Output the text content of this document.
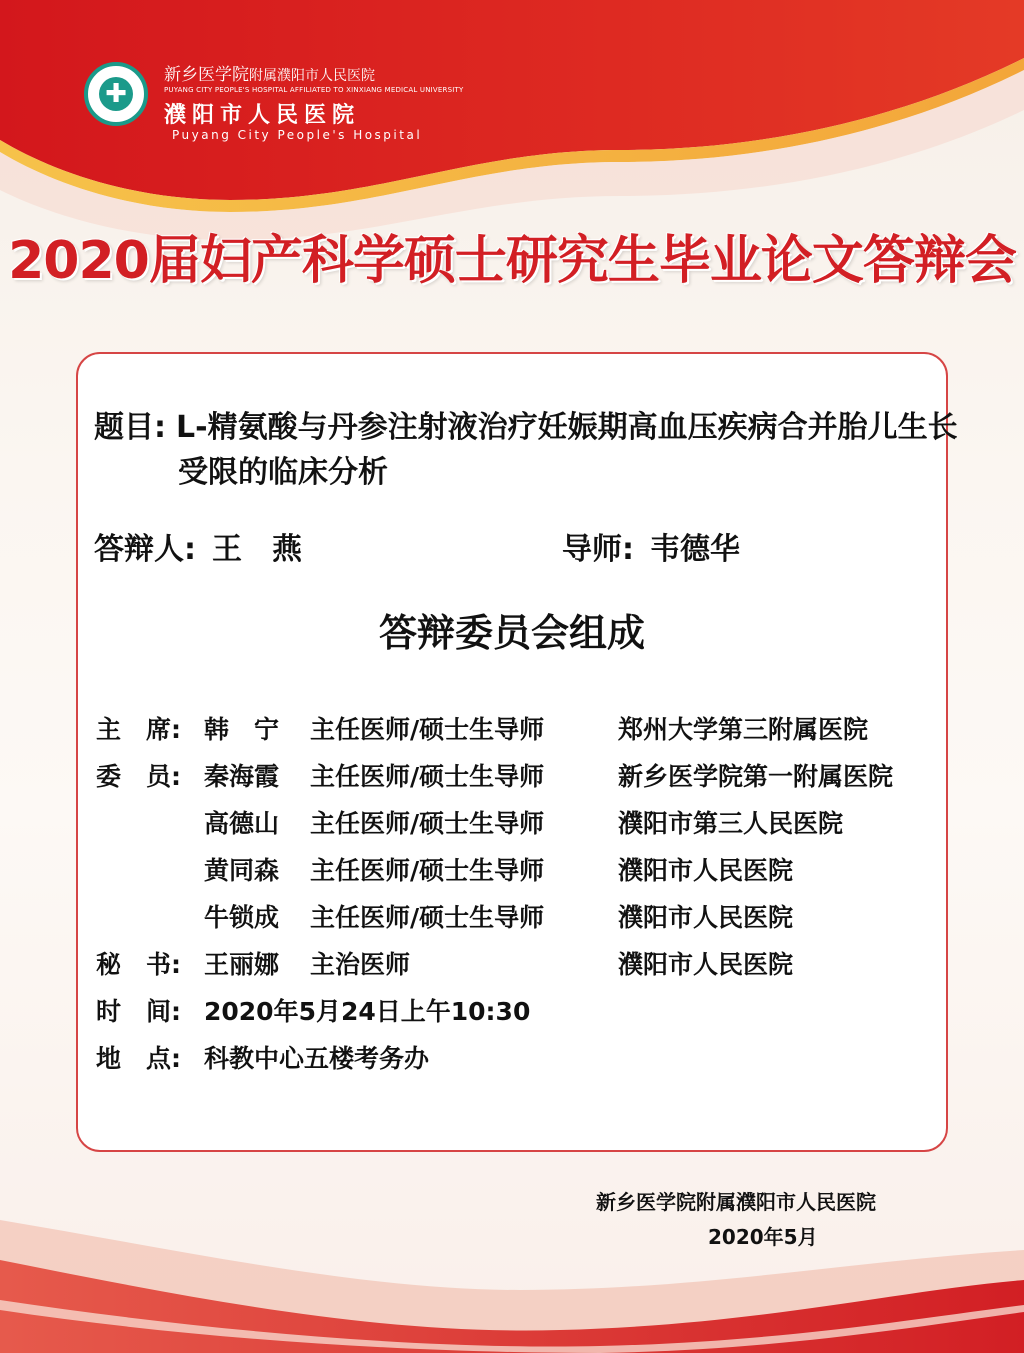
✚
新乡医学院附属濮阳市人民医院
PUYANG CITY PEOPLE'S HOSPITAL AFFILIATED TO XINXIANG MEDICAL UNIVERSITY
濮阳市人民医院
Puyang City People's Hospital
2020届妇产科学硕士研究生毕业论文答辩会
题目: L-精氨酸与丹参注射液治疗妊娠期高血压疾病合并胎儿生长
受限的临床分析
答辩人: 王　燕	导师: 韦德华
答辩委员会组成
主　席: 韩　宁 主任医师/硕士生导师	郑州大学第三附属医院
委　员: 秦海霞 主任医师/硕士生导师	新乡医学院第一附属医院
高德山 主任医师/硕士生导师	濮阳市第三人民医院
黄同森 主任医师/硕士生导师	濮阳市人民医院
牛锁成 主任医师/硕士生导师	濮阳市人民医院
秘　书: 王丽娜 主治医师	濮阳市人民医院
时　间: 2020年5月24日上午10:30
地　点: 科教中心五楼考务办
新乡医学院附属濮阳市人民医院
2020年5月
